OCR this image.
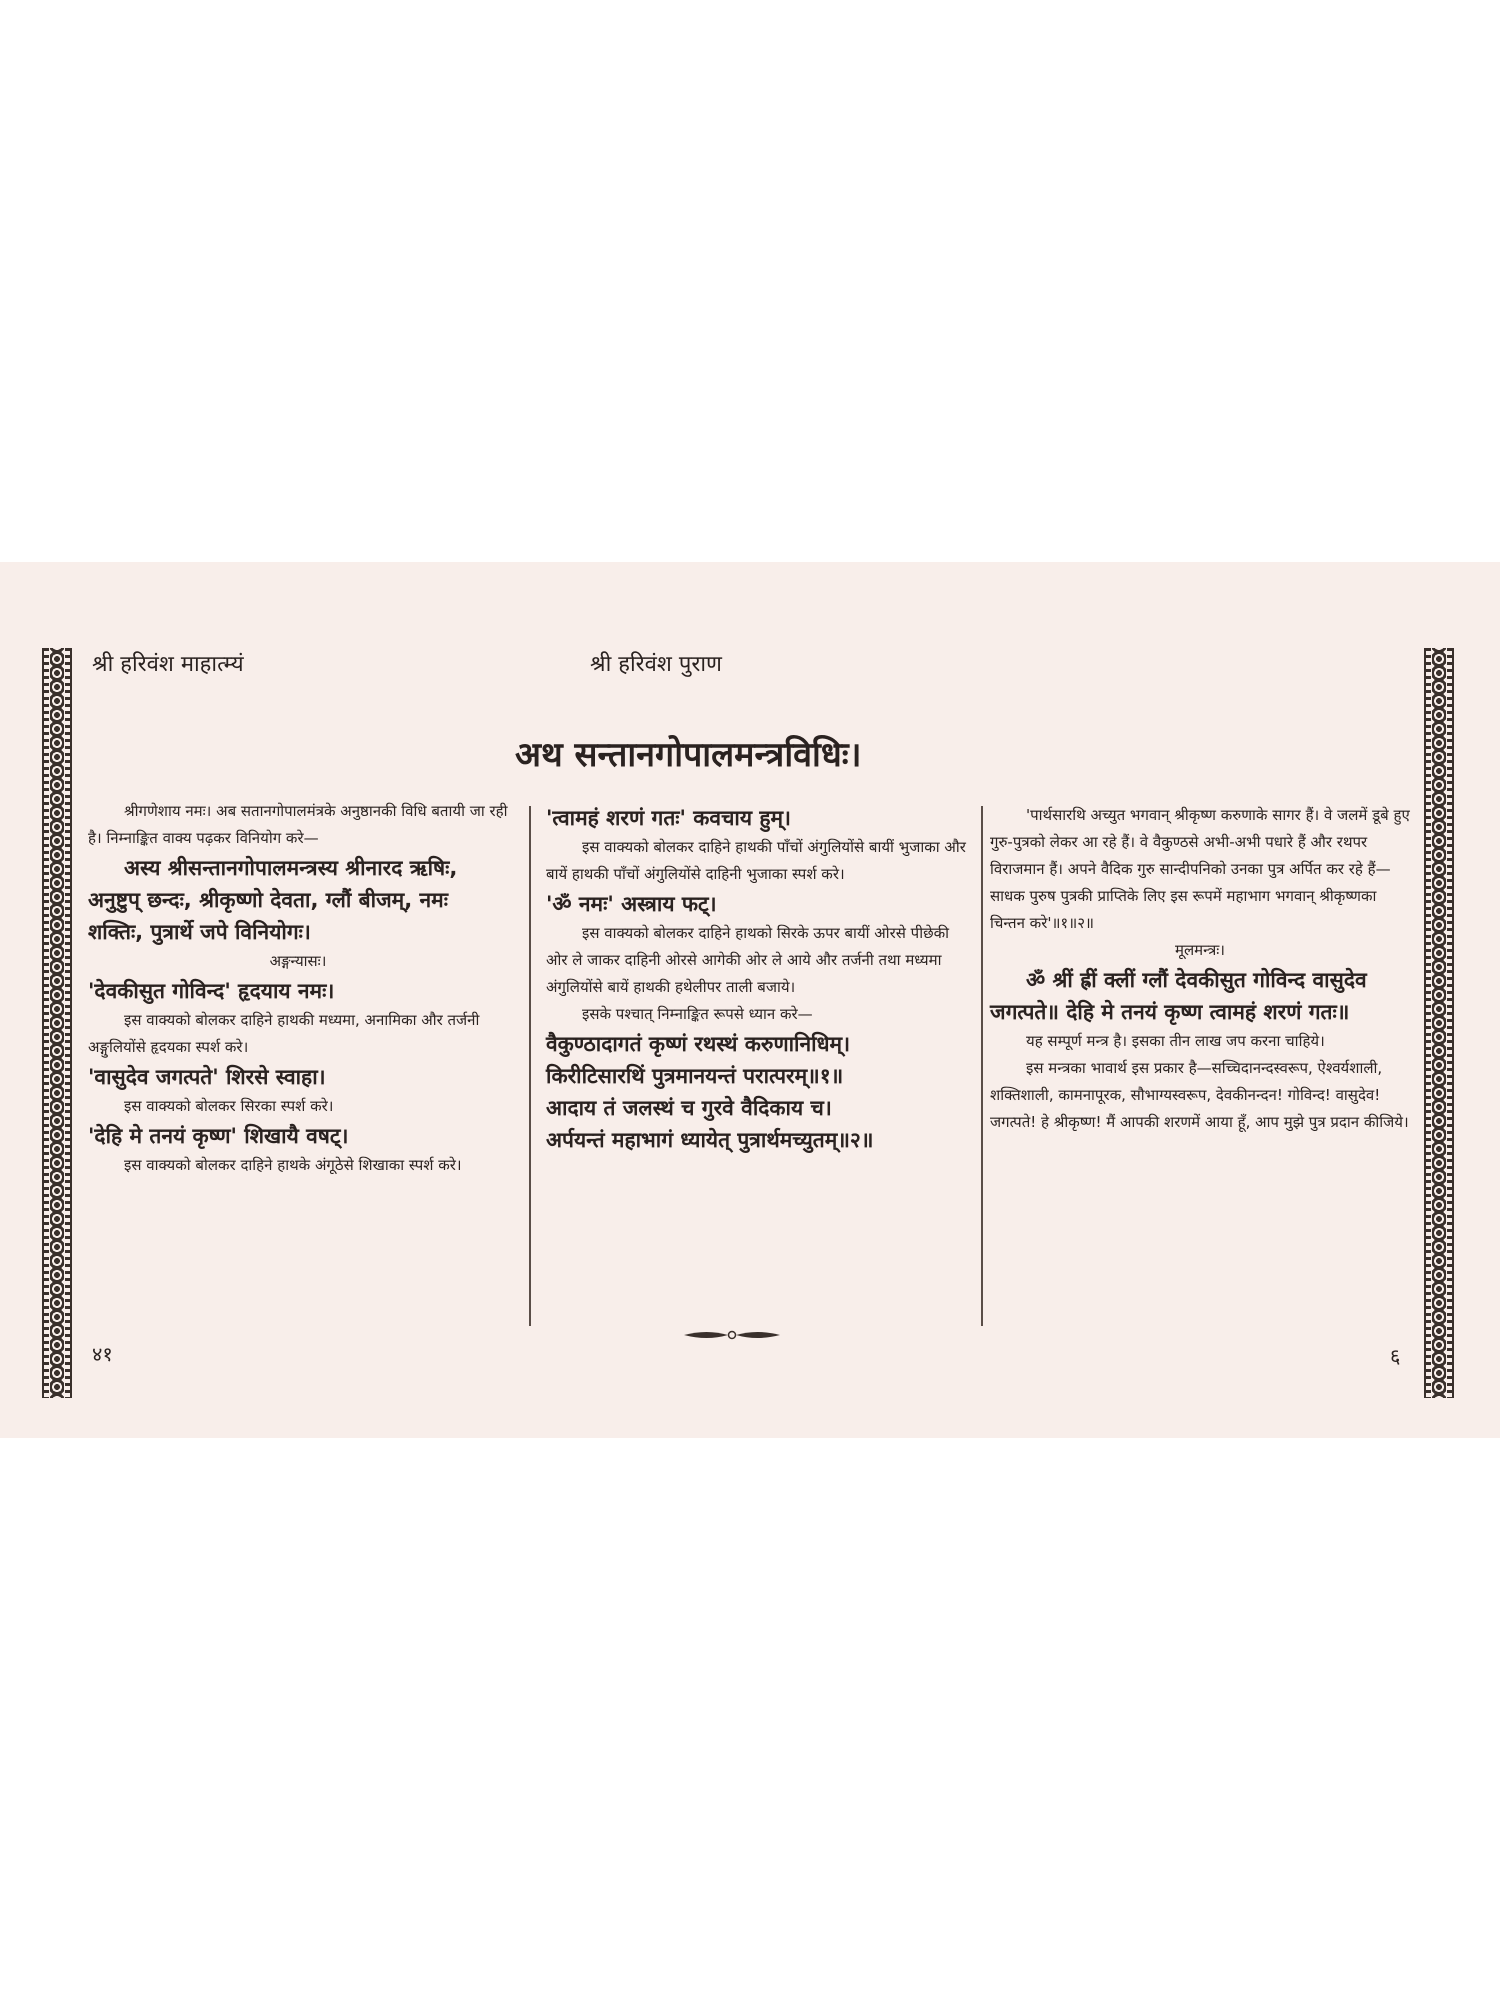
श्री हरिवंश माहात्म्यं	श्री हरिवंश पुराण
अथ सन्तानगोपालमन्त्रविधिः।

श्रीगणेशाय नमः। अब सतानगोपालमंत्रके अनुष्ठानकी विधि बतायी जा रही है। निम्नाङ्कित वाक्य पढ़कर विनियोग करे—

अस्य श्रीसन्तानगोपालमन्त्रस्य श्रीनारद ऋषिः, अनुष्टुप् छन्दः, श्रीकृष्णो देवता, ग्लौं बीजम्, नमः शक्तिः, पुत्रार्थे जपे विनियोगः।

अङ्गन्यासः।

'देवकीसुत गोविन्द' हृदयाय नमः।

इस वाक्यको बोलकर दाहिने हाथकी मध्यमा, अनामिका और तर्जनी अङ्गुलियोंसे हृदयका स्पर्श करे।

'वासुदेव जगत्पते' शिरसे स्वाहा।

इस वाक्यको बोलकर सिरका स्पर्श करे।

'देहि मे तनयं कृष्ण' शिखायै वषट्।

इस वाक्यको बोलकर दाहिने हाथके अंगूठेसे शिखाका स्पर्श करे।

'त्वामहं शरणं गतः' कवचाय हुम्।

इस वाक्यको बोलकर दाहिने हाथकी पाँचों अंगुलियोंसे बायीं भुजाका और बायें हाथकी पाँचों अंगुलियोंसे दाहिनी भुजाका स्पर्श करे।

'ॐ नमः' अस्त्राय फट्।

इस वाक्यको बोलकर दाहिने हाथको सिरके ऊपर बायीं ओरसे पीछेकी ओर ले जाकर दाहिनी ओरसे आगेकी ओर ले आये और तर्जनी तथा मध्यमा अंगुलियोंसे बायें हाथकी हथेलीपर ताली बजाये।

इसके पश्चात् निम्नाङ्कित रूपसे ध्यान करे—

वैकुण्ठादागतं कृष्णं रथस्थं करुणानिधिम्।

किरीटिसारथिं पुत्रमानयन्तं परात्परम्॥१॥

आदाय तं जलस्थं च गुरवे वैदिकाय च।

अर्पयन्तं महाभागं ध्यायेत् पुत्रार्थमच्युतम्॥२॥

'पार्थसारथि अच्युत भगवान् श्रीकृष्ण करुणाके सागर हैं। वे जलमें डूबे हुए गुरु-पुत्रको लेकर आ रहे हैं। वे वैकुण्ठसे अभी-अभी पधारे हैं और रथपर विराजमान हैं। अपने वैदिक गुरु सान्दीपनिको उनका पुत्र अर्पित कर रहे हैं—साधक पुरुष पुत्रकी प्राप्तिके लिए इस रूपमें महाभाग भगवान् श्रीकृष्णका चिन्तन करे'॥१॥२॥

मूलमन्त्रः।

ॐ श्रीं ह्रीं क्लीं ग्लौं देवकीसुत गोविन्द वासुदेव जगत्पते॥ देहि मे तनयं कृष्ण त्वामहं शरणं गतः॥

यह सम्पूर्ण मन्त्र है। इसका तीन लाख जप करना चाहिये।

इस मन्त्रका भावार्थ इस प्रकार है—सच्चिदानन्दस्वरूप, ऐश्वर्यशाली, शक्तिशाली, कामनापूरक, सौभाग्यस्वरूप, देवकीनन्दन! गोविन्द! वासुदेव! जगत्पते! हे श्रीकृष्ण! मैं आपकी शरणमें आया हूँ, आप मुझे पुत्र प्रदान कीजिये।

४१	६
